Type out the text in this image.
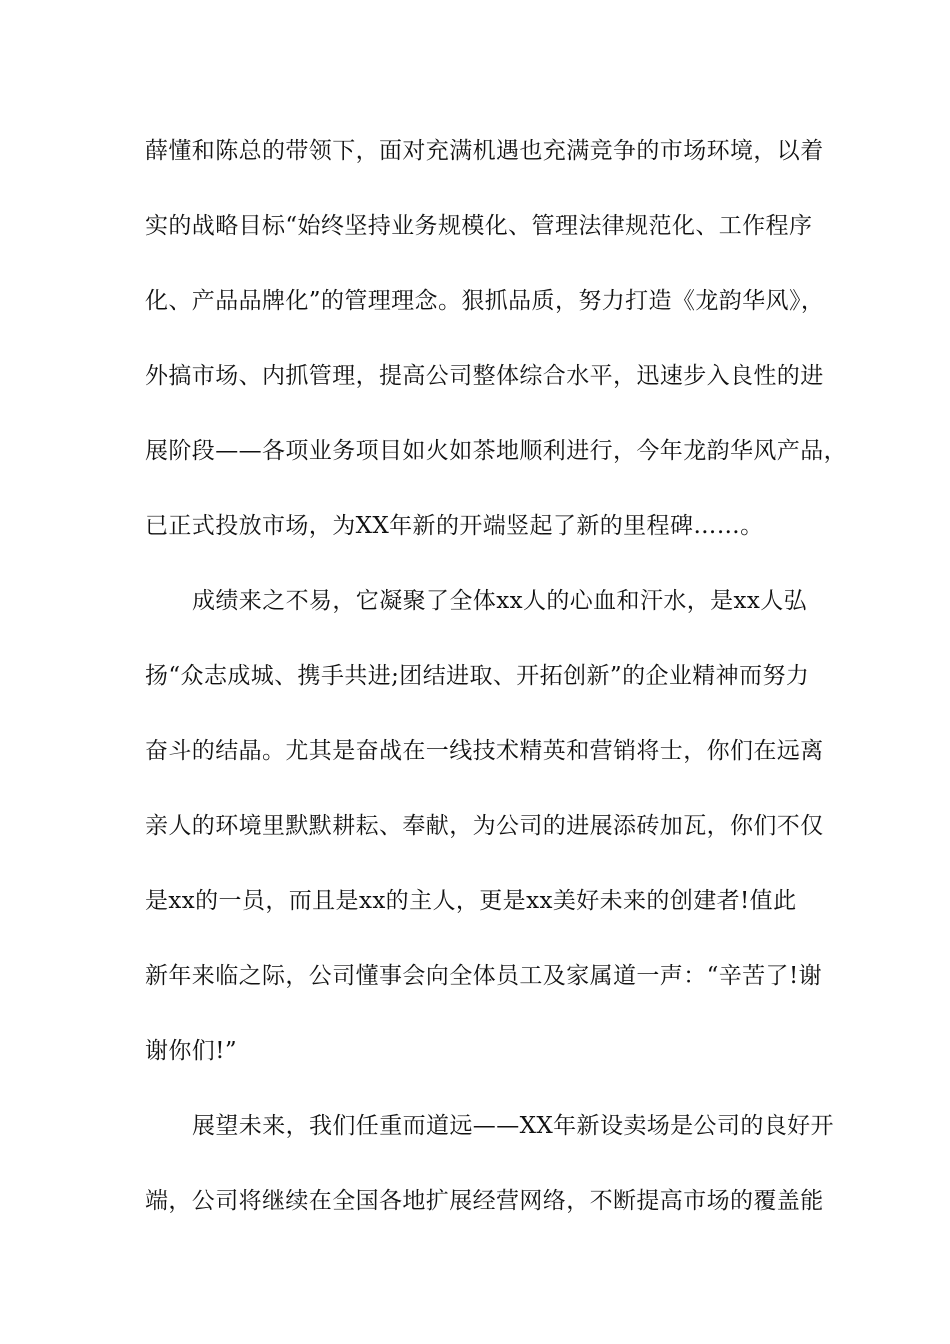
薛懂和陈总的带领下，面对充满机遇也充满竞争的市场环境，以着
实的战略目标“始终坚持业务规模化、管理法律规范化、工作程序
化、产品品牌化”的管理理念。狠抓品质，努力打造《龙韵华风》，
外搞市场、内抓管理，提高公司整体综合水平，迅速步入良性的进
展阶段——各项业务项目如火如茶地顺利进行，今年龙韵华风产品，
已正式投放市场，为XX年新的开端竖起了新的里程碑……。
成绩来之不易，它凝聚了全体xx人的心血和汗水，是xx人弘
扬“众志成城、携手共进;团结进取、开拓创新”的企业精神而努力
奋斗的结晶。尤其是奋战在一线技术精英和营销将士，你们在远离
亲人的环境里默默耕耘、奉献，为公司的进展添砖加瓦，你们不仅
是xx的一员，而且是xx的主人，更是xx美好未来的创建者!值此
新年来临之际，公司懂事会向全体员工及家属道一声：“辛苦了!谢
谢你们!”
展望未来，我们任重而道远——XX年新设卖场是公司的良好开
端，公司将继续在全国各地扩展经营网络，不断提高市场的覆盖能
